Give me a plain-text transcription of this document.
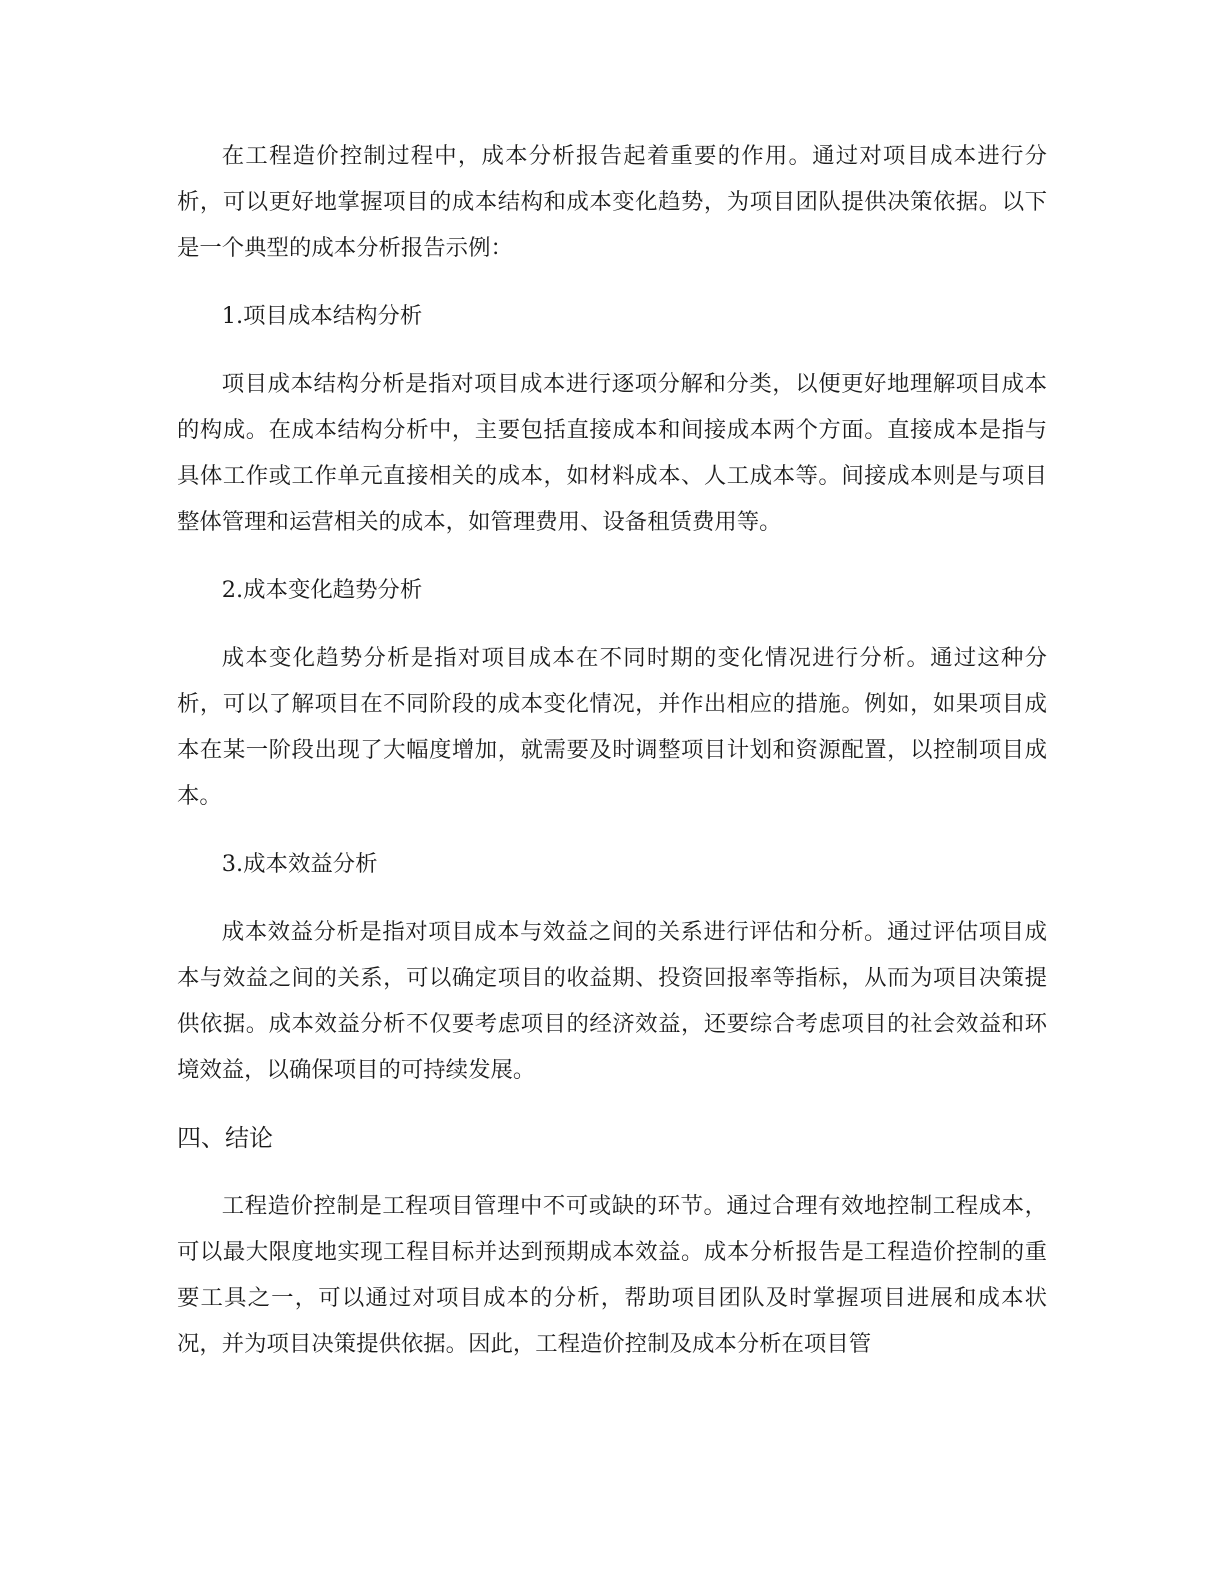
在工程造价控制过程中，成本分析报告起着重要的作用。通过对项目成本进行分析，可以更好地掌握项目的成本结构和成本变化趋势，为项目团队提供决策依据。以下是一个典型的成本分析报告示例：

1.项目成本结构分析

项目成本结构分析是指对项目成本进行逐项分解和分类，以便更好地理解项目成本的构成。在成本结构分析中，主要包括直接成本和间接成本两个方面。直接成本是指与具体工作或工作单元直接相关的成本，如材料成本、人工成本等。间接成本则是与项目整体管理和运营相关的成本，如管理费用、设备租赁费用等。

2.成本变化趋势分析

成本变化趋势分析是指对项目成本在不同时期的变化情况进行分析。通过这种分析，可以了解项目在不同阶段的成本变化情况，并作出相应的措施。例如，如果项目成本在某一阶段出现了大幅度增加，就需要及时调整项目计划和资源配置，以控制项目成本。

3.成本效益分析

成本效益分析是指对项目成本与效益之间的关系进行评估和分析。通过评估项目成本与效益之间的关系，可以确定项目的收益期、投资回报率等指标，从而为项目决策提供依据。成本效益分析不仅要考虑项目的经济效益，还要综合考虑项目的社会效益和环境效益，以确保项目的可持续发展。

四、结论

工程造价控制是工程项目管理中不可或缺的环节。通过合理有效地控制工程成本，可以最大限度地实现工程目标并达到预期成本效益。成本分析报告是工程造价控制的重要工具之一，可以通过对项目成本的分析，帮助项目团队及时掌握项目进展和成本状况，并为项目决策提供依据。因此，工程造价控制及成本分析在项目管
